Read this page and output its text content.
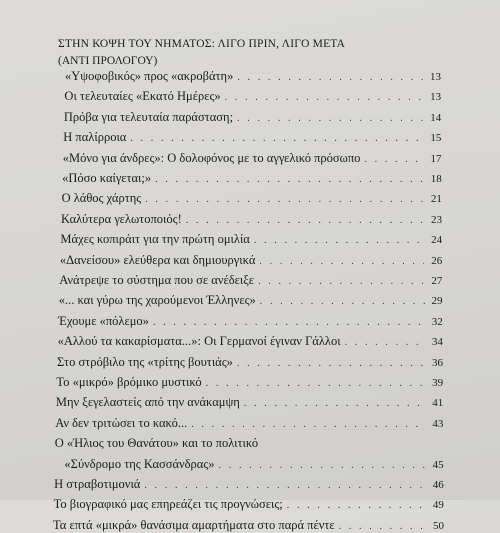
ΣΤΗΝ ΚΟΨΗ ΤΟΥ ΝΗΜΑΤΟΣ: ΛΙΓΟ ΠΡΙΝ, ΛΙΓΟ ΜΕΤΑ
(ΑΝΤΙ ΠΡΟΛΟΓΟΥ)
«Υψοφοβικός» προς «ακροβάτη» . . .	13
Οι τελευταίες «Εκατό Ημέρες» . . .	13
Πρόβα για τελευταία παράσταση; . . .	14
Η παλίρροια . . .	15
«Μόνο για άνδρες»: Ο δολοφόνος με το αγγελικό πρόσωπο . . .	17
«Πόσο καίγεται;» . . .	18
Ο λάθος χάρτης . . .	21
Καλύτερα γελωτοποιός! . . .	23
Μάχες κοπιράιτ για την πρώτη ομιλία . . .	24
«Δανείσου» ελεύθερα και δημιουργικά . . .	26
Ανάτρεψε το σύστημα που σε ανέδειξε . . .	27
«... και γύρω της χαρούμενοι Έλληνες» . . .	29
Έχουμε «πόλεμο» . . .	32
«Αλλού τα κακαρίσματα...»: Οι Γερμανοί έγιναν Γάλλοι . . .	34
Στο στρόβιλο της «τρίτης βουτιάς» . . .	36
Το «μικρό» βρόμικο μυστικό . . .	39
Μην ξεγελαστείς από την ανάκαμψη . . .	41
Αν δεν τριτώσει το κακό... . . .	43
Ο «Ήλιος του Θανάτου» και το πολιτικό
«Σύνδρομο της Κασσάνδρας» . . .	45
Η στραβοτιμονιά . . .	46
Το βιογραφικό μας επηρεάζει τις προγνώσεις; . . .	49
Τα επτά «μικρά» θανάσιμα αμαρτήματα στο παρά πέντε . . .	50
